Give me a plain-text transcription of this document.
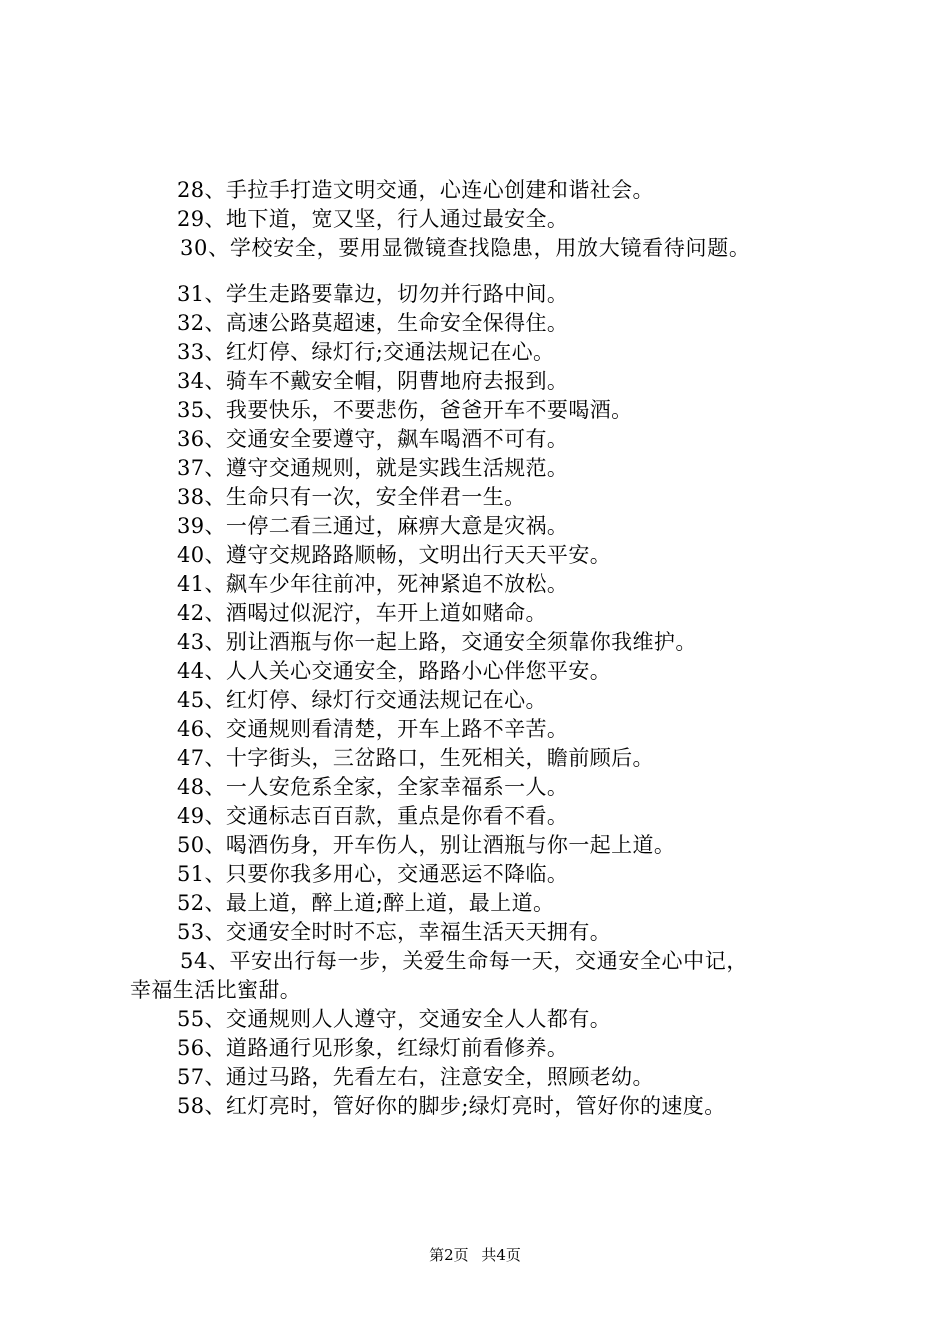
28、手拉手打造文明交通，心连心创建和谐社会。
29、地下道，宽又坚，行人通过最安全。
30、学校安全，要用显微镜查找隐患，用放大镜看待问题。
31、学生走路要靠边，切勿并行路中间。
32、高速公路莫超速，生命安全保得住。
33、红灯停、绿灯行;交通法规记在心。
34、骑车不戴安全帽，阴曹地府去报到。
35、我要快乐，不要悲伤，爸爸开车不要喝酒。
36、交通安全要遵守，飙车喝酒不可有。
37、遵守交通规则，就是实践生活规范。
38、生命只有一次，安全伴君一生。
39、一停二看三通过，麻痹大意是灾祸。
40、遵守交规路路顺畅，文明出行天天平安。
41、飙车少年往前冲，死神紧追不放松。
42、酒喝过似泥泞，车开上道如赌命。
43、别让酒瓶与你一起上路，交通安全须靠你我维护。
44、人人关心交通安全，路路小心伴您平安。
45、红灯停、绿灯行交通法规记在心。
46、交通规则看清楚，开车上路不辛苦。
47、十字街头，三岔路口，生死相关，瞻前顾后。
48、一人安危系全家，全家幸福系一人。
49、交通标志百百款，重点是你看不看。
50、喝酒伤身，开车伤人，别让酒瓶与你一起上道。
51、只要你我多用心，交通恶运不降临。
52、最上道，醉上道;醉上道，最上道。
53、交通安全时时不忘，幸福生活天天拥有。
54、平安出行每一步，关爱生命每一天，交通安全心中记，
幸福生活比蜜甜。
55、交通规则人人遵守，交通安全人人都有。
56、道路通行见形象，红绿灯前看修养。
57、通过马路，先看左右，注意安全，照顾老幼。
58、红灯亮时，管好你的脚步;绿灯亮时，管好你的速度。
第2页 共4页
